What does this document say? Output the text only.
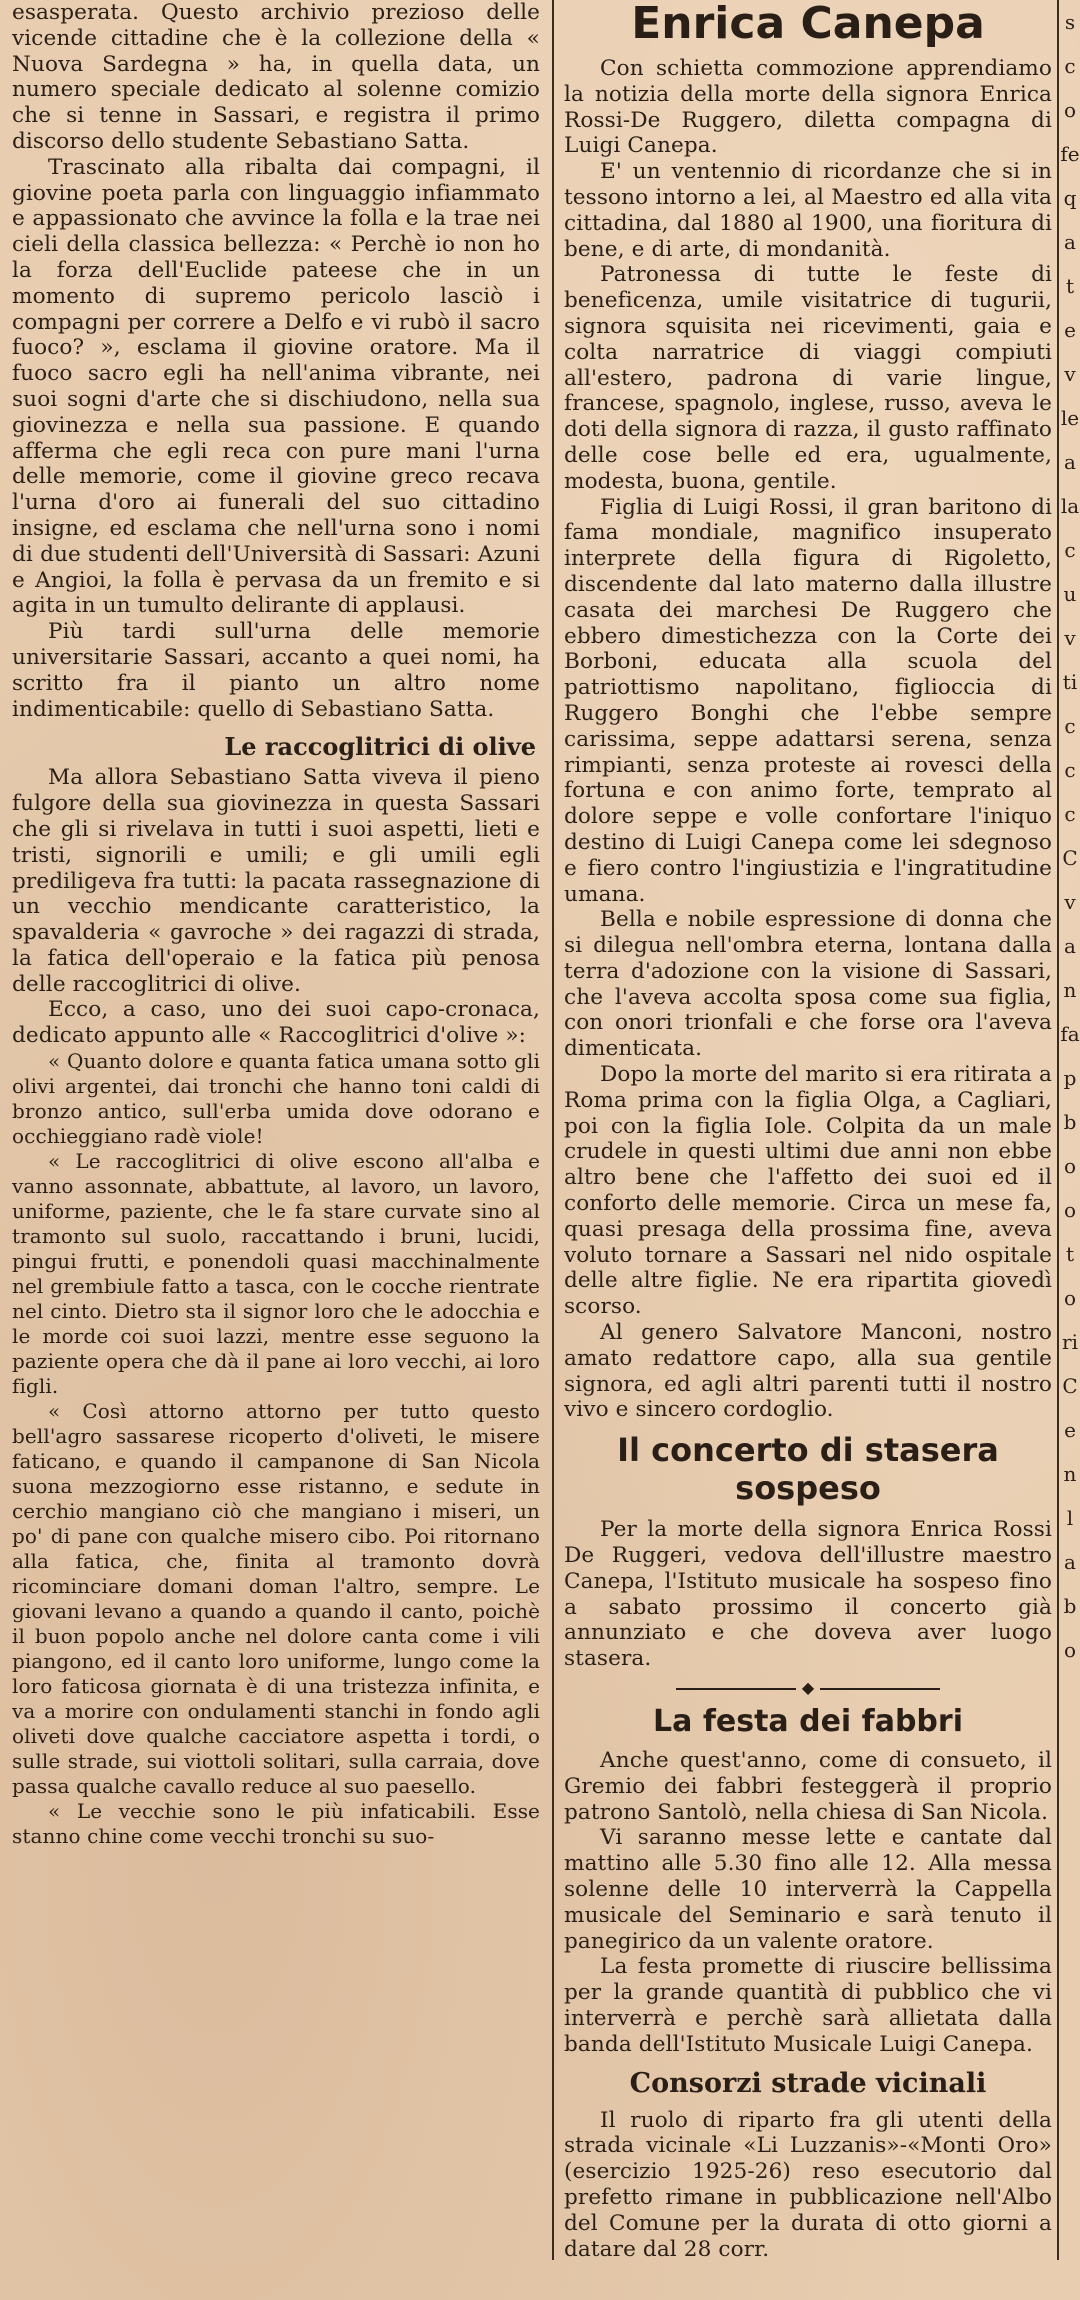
esasperata. Questo archivio prezioso delle vicende cittadine che è la collezione della « Nuova Sardegna » ha, in quella data, un numero speciale dedicato al solenne comizio che si tenne in Sassari, e registra il primo discorso dello studente Sebastiano Satta.

Trascinato alla ribalta dai compagni, il giovine poeta parla con linguaggio infiammato e appassionato che avvince la folla e la trae nei cieli della classica bellezza: « Perchè io non ho la forza dell'Euclide pateese che in un momento di supremo pericolo lasciò i compagni per correre a Delfo e vi rubò il sacro fuoco? », esclama il giovine oratore. Ma il fuoco sacro egli ha nell'anima vibrante, nei suoi sogni d'arte che si dischiudono, nella sua giovinezza e nella sua passione. E quando afferma che egli reca con pure mani l'urna delle memorie, come il giovine greco recava l'urna d'oro ai funerali del suo cittadino insigne, ed esclama che nell'urna sono i nomi di due studenti dell'Università di Sassari: Azuni e Angioi, la folla è pervasa da un fremito e si agita in un tumulto delirante di applausi.

Più tardi sull'urna delle memorie universitarie Sassari, accanto a quei nomi, ha scritto fra il pianto un altro nome indimenticabile: quello di Sebastiano Satta.

Le raccoglitrici di olive

Ma allora Sebastiano Satta viveva il pieno fulgore della sua giovinezza in questa Sassari che gli si rivelava in tutti i suoi aspetti, lieti e tristi, signorili e umili; e gli umili egli prediligeva fra tutti: la pacata rassegnazione di un vecchio mendicante caratteristico, la spavalderia « gavroche » dei ragazzi di strada, la fatica dell'operaio e la fatica più penosa delle raccoglitrici di olive.

Ecco, a caso, uno dei suoi capo-cronaca, dedicato appunto alle « Raccoglitrici d'olive »:

« Quanto dolore e quanta fatica umana sotto gli olivi argentei, dai tronchi che hanno toni caldi di bronzo antico, sull'erba umida dove odorano e occhieggiano radè viole!

« Le raccoglitrici di olive escono all'alba e vanno assonnate, abbattute, al lavoro, un lavoro, uniforme, paziente, che le fa stare curvate sino al tramonto sul suolo, raccattando i bruni, lucidi, pingui frutti, e ponendoli quasi macchinalmente nel grembiule fatto a tasca, con le cocche rientrate nel cinto. Dietro sta il signor loro che le adocchia e le morde coi suoi lazzi, mentre esse seguono la paziente opera che dà il pane ai loro vecchi, ai loro figli.

« Così attorno attorno per tutto questo bell'agro sassarese ricoperto d'oliveti, le misere faticano, e quando il campanone di San Nicola suona mezzogiorno esse ristanno, e sedute in cerchio mangiano ciò che mangiano i miseri, un po' di pane con qualche misero cibo. Poi ritornano alla fatica, che, finita al tramonto dovrà ricominciare domani doman l'altro, sempre. Le giovani levano a quando a quando il canto, poichè il buon popolo anche nel dolore canta come i vili piangono, ed il canto loro uniforme, lungo come la loro faticosa giornata è di una tristezza infinita, e va a morire con ondulamenti stanchi in fondo agli oliveti dove qualche cacciatore aspetta i tordi, o sulle strade, sui viottoli solitari, sulla carraia, dove passa qualche cavallo reduce al suo paesello.

« Le vecchie sono le più infaticabili. Esse stanno chine come vecchi tronchi su suo-

Enrica Canepa

Con schietta commozione apprendiamo la notizia della morte della signora Enrica Rossi-De Ruggero, diletta compagna di Luigi Canepa.

E' un ventennio di ricordanze che si in tessono intorno a lei, al Maestro ed alla vita cittadina, dal 1880 al 1900, una fioritura di bene, e di arte, di mondanità.

Patronessa di tutte le feste di beneficenza, umile visitatrice di tugurii, signora squisita nei ricevimenti, gaia e colta narratrice di viaggi compiuti all'estero, padrona di varie lingue, francese, spagnolo, inglese, russo, aveva le doti della signora di razza, il gusto raffinato delle cose belle ed era, ugualmente, modesta, buona, gentile.

Figlia di Luigi Rossi, il gran baritono di fama mondiale, magnifico insuperato interprete della figura di Rigoletto, discendente dal lato materno dalla illustre casata dei marchesi De Ruggero che ebbero dimestichezza con la Corte dei Borboni, educata alla scuola del patriottismo napolitano, figlioccia di Ruggero Bonghi che l'ebbe sempre carissima, seppe adattarsi serena, senza rimpianti, senza proteste ai rovesci della fortuna e con animo forte, temprato al dolore seppe e volle confortare l'iniquo destino di Luigi Canepa come lei sdegnoso e fiero contro l'ingiustizia e l'ingratitudine umana.

Bella e nobile espressione di donna che si dilegua nell'ombra eterna, lontana dalla terra d'adozione con la visione di Sassari, che l'aveva accolta sposa come sua figlia, con onori trionfali e che forse ora l'aveva dimenticata.

Dopo la morte del marito si era ritirata a Roma prima con la figlia Olga, a Cagliari, poi con la figlia Iole. Colpita da un male crudele in questi ultimi due anni non ebbe altro bene che l'affetto dei suoi ed il conforto delle memorie. Circa un mese fa, quasi presaga della prossima fine, aveva voluto tornare a Sassari nel nido ospitale delle altre figlie. Ne era ripartita giovedì scorso.

Al genero Salvatore Manconi, nostro amato redattore capo, alla sua gentile signora, ed agli altri parenti tutti il nostro vivo e sincero cordoglio.

Il concerto di stasera sospeso

Per la morte della signora Enrica Rossi De Ruggeri, vedova dell'illustre maestro Canepa, l'Istituto musicale ha sospeso fino a sabato prossimo il concerto già annunziato e che doveva aver luogo stasera.

◆
La festa dei fabbri

Anche quest'anno, come di consueto, il Gremio dei fabbri festeggerà il proprio patrono Santolò, nella chiesa di San Nicola.

Vi saranno messe lette e cantate dal mattino alle 5.30 fino alle 12. Alla messa solenne delle 10 interverrà la Cappella musicale del Seminario e sarà tenuto il panegirico da un valente oratore.

La festa promette di riuscire bellissima per la grande quantità di pubblico che vi interverrà e perchè sarà allietata dalla banda dell'Istituto Musicale Luigi Canepa.

Consorzi strade vicinali

Il ruolo di riparto fra gli utenti della strada vicinale «Li Luzzanis»-«Monti Oro» (esercizio 1925-26) reso esecutorio dal prefetto rimane in pubblicazione nell'Albo del Comune per la durata di otto giorni a datare dal 28 corr.

s
c
o
fe
q
a
t
e
v
le
a
la
c
u
v
ti
c
c
c
C
v
a
n
fa
p
b
o
o
t
o
ri
C
e
n
l
a
b
o
